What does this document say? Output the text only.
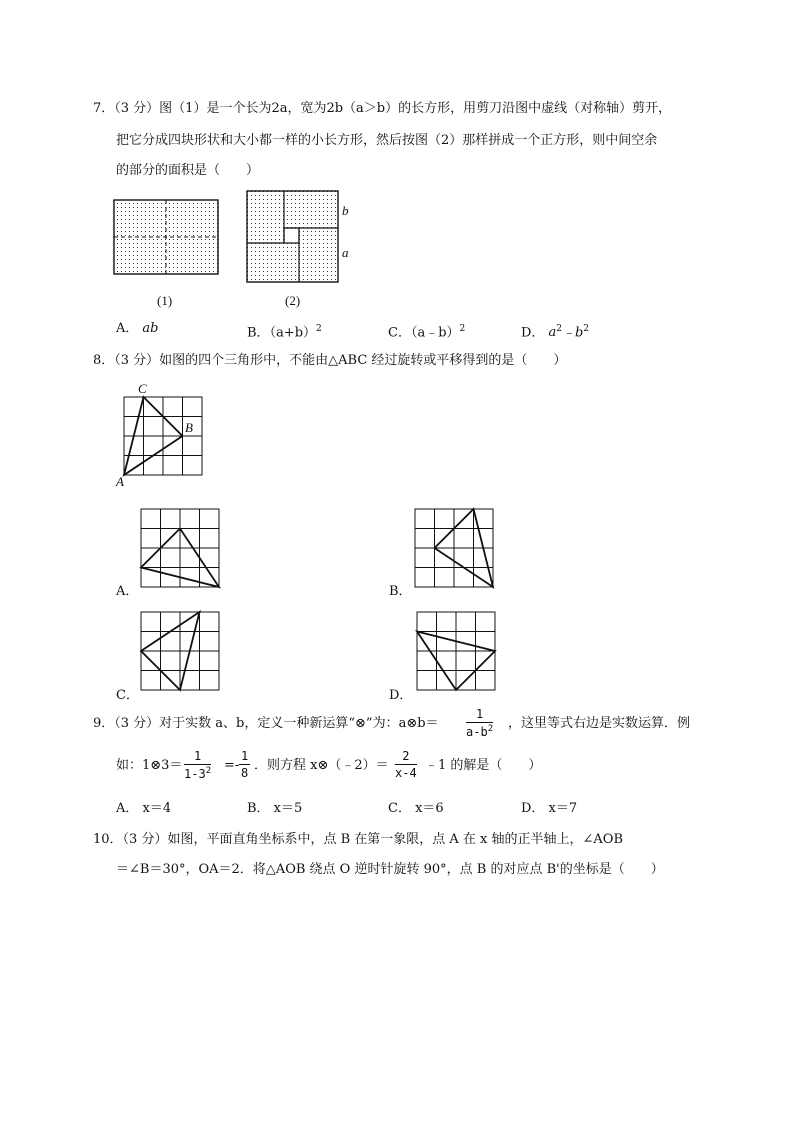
7．（3 分）图（1）是一个长为2a，宽为2b（a＞b）的长方形，用剪刀沿图中虚线（对称轴）剪开，
把它分成四块形状和大小都一样的小长方形，然后按图（2）那样拼成一个正方形，则中间空余
的部分的面积是（　　）
(1)
b
a
(2)
A． ab	B．$(a+b)^2$	C．（a﹣b）$^2$	D． $a^2﹣b^2$
8．（3 分）如图的四个三角形中，不能由△ABC 经过旋转或平移得到的是（　　）
C
B
A
A．	B．
C．	D．
9．（3 分）对于实数 a、b，定义一种新运算“⊗”为：a⊗b＝ $\frac{1}{a-b^2}$ ，这里等式右边是实数运算．例
如：1⊗3＝ $\frac{1}{1-3^2} =- \frac{1}{8}$ ．则方程 x⊗（﹣2）＝ $\frac{2}{x-4}$ ﹣1 的解是（　　）
A． x＝4	B． x＝5	C． x＝6	D． x＝7
10．（3 分）如图，平面直角坐标系中，点 B 在第一象限，点 A 在 x 轴的正半轴上，∠AOB
＝∠B＝30°，OA＝2．将△AOB 绕点 O 逆时针旋转 90°，点 B 的对应点 B'的坐标是（　　）
